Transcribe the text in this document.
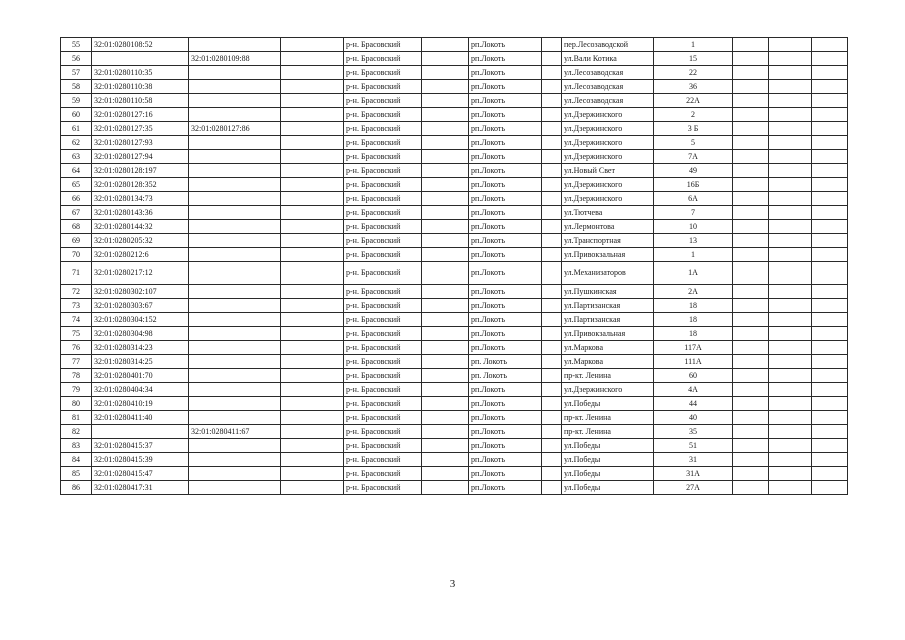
55	32:01:0280108:52			р-н. Брасовский		рп.Локоть		пер.Лесозаводской	1			
56		32:01:0280109:88		р-н. Брасовский		рп.Локоть		ул.Вали Котика	15			
57	32:01:0280110:35			р-н. Брасовский		рп.Локоть		ул.Лесозаводская	22			
58	32:01:0280110:38			р-н. Брасовский		рп.Локоть		ул.Лесозаводская	36			
59	32:01:0280110:58			р-н. Брасовский		рп.Локоть		ул.Лесозаводская	22А			
60	32:01:0280127:16			р-н. Брасовский		рп.Локоть		ул.Дзержинского	2			
61	32:01:0280127:35	32:01:0280127:86		р-н. Брасовский		рп.Локоть		ул.Дзержинского	3 Б			
62	32:01:0280127:93			р-н. Брасовский		рп.Локоть		ул.Дзержинского	5			
63	32:01:0280127:94			р-н. Брасовский		рп.Локоть		ул.Дзержинского	7А			
64	32:01:0280128:197			р-н. Брасовский		рп.Локоть		ул.Новый Свет	49			
65	32:01:0280128:352			р-н. Брасовский		рп.Локоть		ул.Дзержинского	16Б			
66	32:01:0280134:73			р-н. Брасовский		рп.Локоть		ул.Дзержинского	6А			
67	32:01:0280143:36			р-н. Брасовский		рп.Локоть		ул.Тютчева	7			
68	32:01:0280144:32			р-н. Брасовский		рп.Локоть		ул.Лермонтова	10			
69	32:01:0280205:32			р-н. Брасовский		рп.Локоть		ул.Транспортная	13			
70	32:01:0280212:6			р-н. Брасовский		рп.Локоть		ул.Привокзальная	1			
71	32:01:0280217:12			р-н. Брасовский		рп.Локоть		ул.Механизаторов	1А			
72	32:01:0280302:107			р-н. Брасовский		рп.Локоть		ул.Пушкинская	2А			
73	32:01:0280303:67			р-н. Брасовский		рп.Локоть		ул.Партизанская	18			
74	32:01:0280304:152			р-н. Брасовский		рп.Локоть		ул.Партизанская	18			
75	32:01:0280304:98			р-н. Брасовский		рп.Локоть		ул.Привокзальная	18			
76	32:01:0280314:23			р-н. Брасовский		рп.Локоть		ул.Маркова	117А			
77	32:01:0280314:25			р-н. Брасовский		рп. Локоть		ул.Маркова	111А			
78	32:01:0280401:70			р-н. Брасовский		рп. Локоть		пр-кт. Ленина	60			
79	32:01:0280404:34			р-н. Брасовский		рп.Локоть		ул.Дзержинского	4А			
80	32:01:0280410:19			р-н. Брасовский		рп.Локоть		ул.Победы	44			
81	32:01:0280411:40			р-н. Брасовский		рп.Локоть		пр-кт. Ленина	40			
82		32:01:0280411:67		р-н. Брасовский		рп.Локоть		пр-кт. Ленина	35			
83	32:01:0280415:37			р-н. Брасовский		рп.Локоть		ул.Победы	51			
84	32:01:0280415:39			р-н. Брасовский		рп.Локоть		ул.Победы	31			
85	32:01:0280415:47			р-н. Брасовский		рп.Локоть		ул.Победы	31А			
86	32:01:0280417:31			р-н. Брасовский		рп.Локоть		ул.Победы	27А			
3
